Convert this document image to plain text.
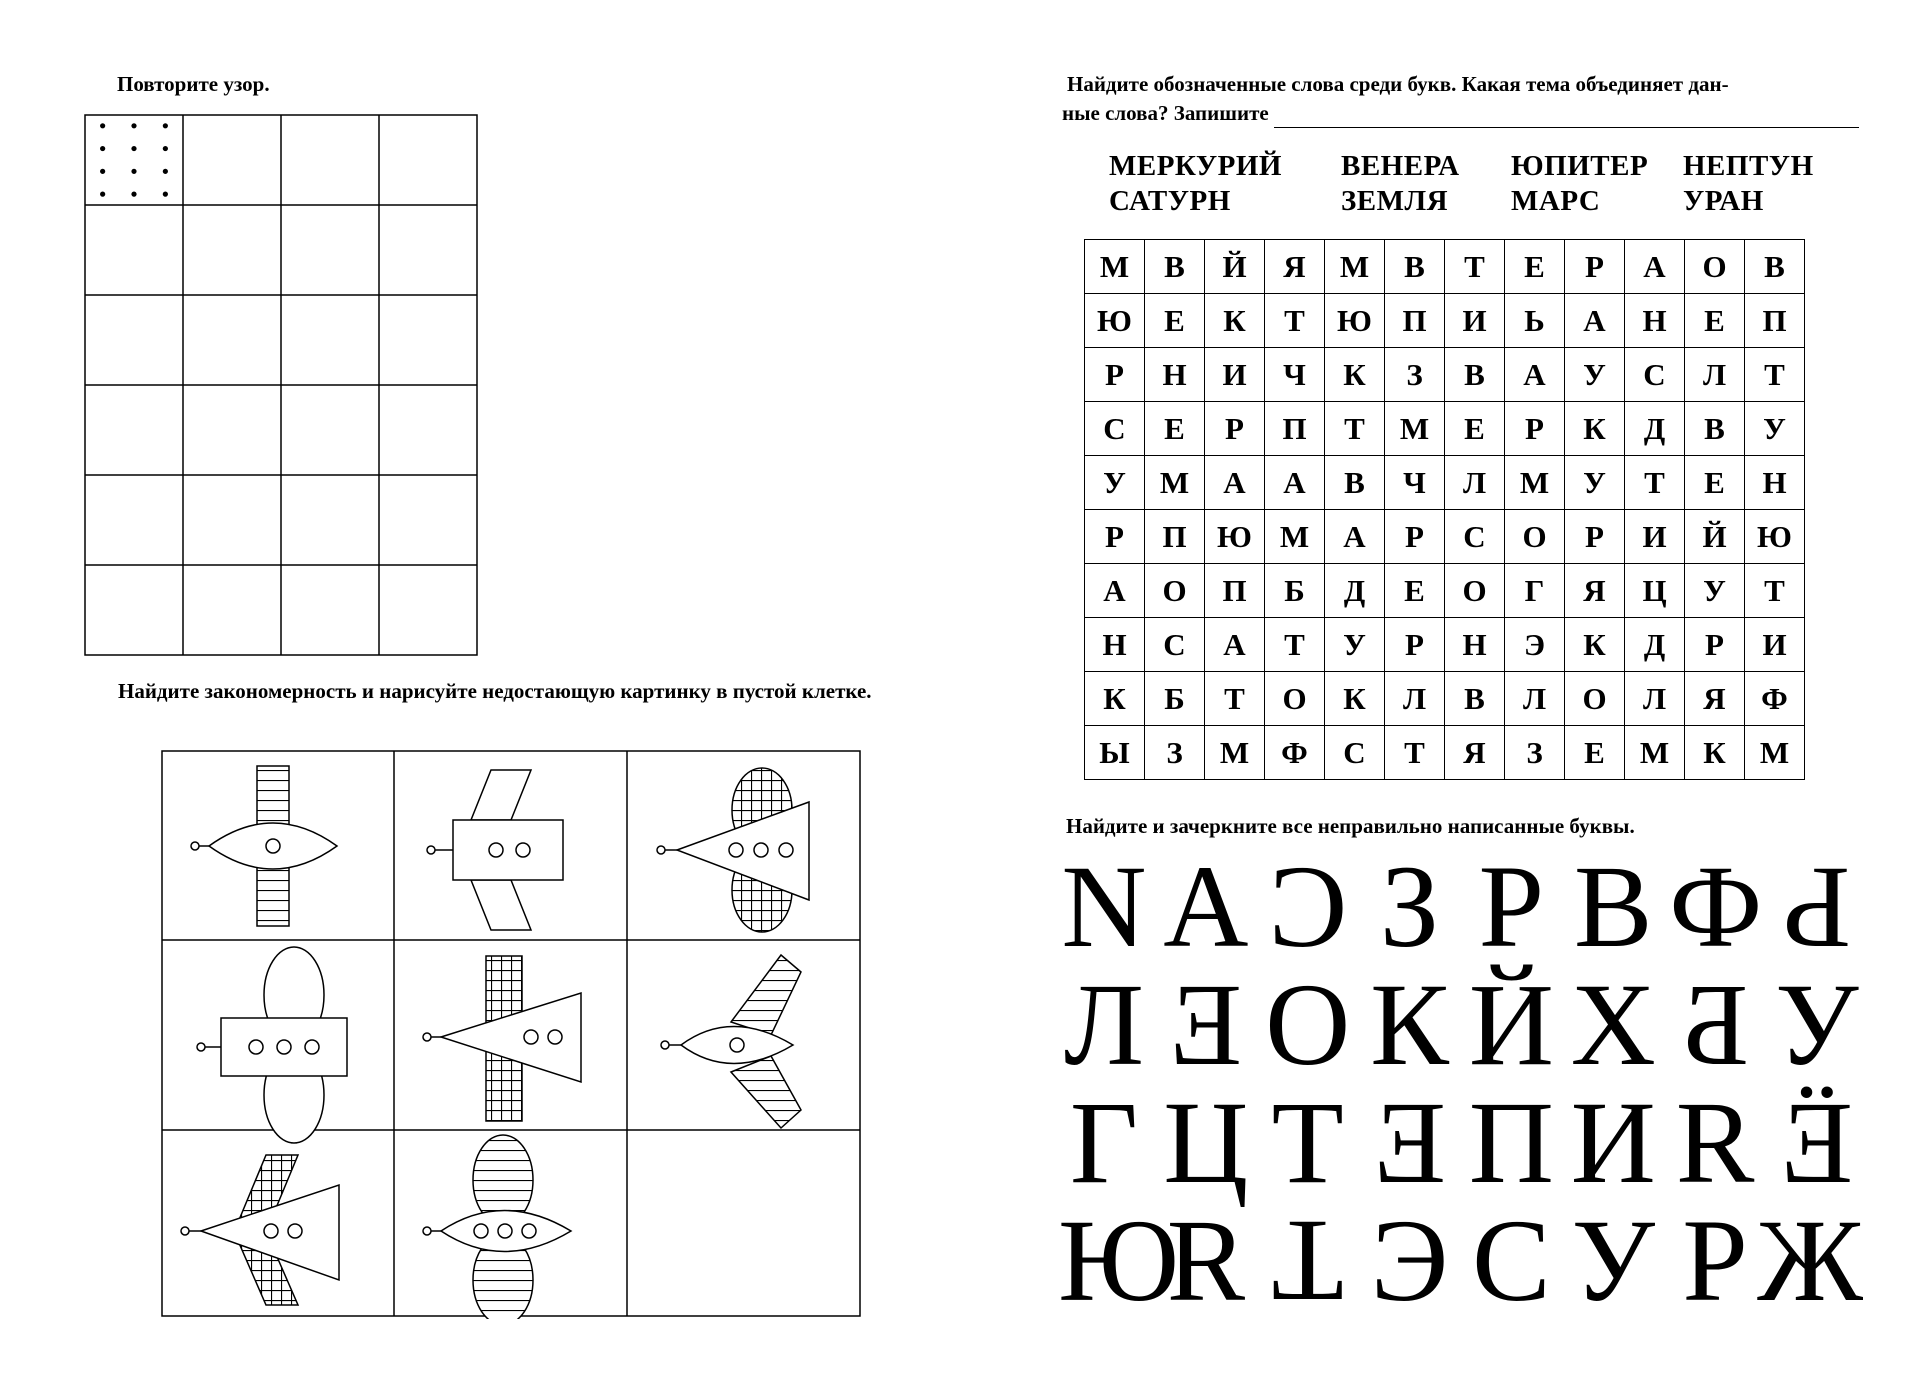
Повторите узор.
Найдите закономерность и нарисуйте недостающую картинку в пустой клетке.
Найдите обозначенные слова среди букв. Какая тема объединяет дан-
ные слова? Запишите
МЕРКУРИЙ	ВЕНЕРА	ЮПИТЕР	НЕПТУН
САТУРН	ЗЕМЛЯ	МАРС	УРАН
М	В	Й	Я	М	В	Т	Е	Р	А	О	В
Ю	Е	К	Т	Ю	П	И	Ь	А	Н	Е	П
Р	Н	И	Ч	К	З	В	А	У	С	Л	Т
С	Е	Р	П	Т	М	Е	Р	К	Д	В	У
У	М	А	А	В	Ч	Л	М	У	Т	Е	Н
Р	П	Ю	М	А	Р	С	О	Р	И	Й	Ю
А	О	П	Б	Д	Е	О	Г	Я	Ц	У	Т
Н	С	А	Т	У	Р	Н	Э	К	Д	Р	И
К	Б	Т	О	К	Л	В	Л	О	Л	Я	Ф
Ы	З	М	Ф	С	Т	Я	З	Е	М	К	М
Найдите и зачеркните все неправильно написанные буквы.
N A C З Р В Ф Ь
Л Е О К Й Х Б У
Г Ц Т Е П И R Ё
Ю
Я Т Э С У Р Ж
